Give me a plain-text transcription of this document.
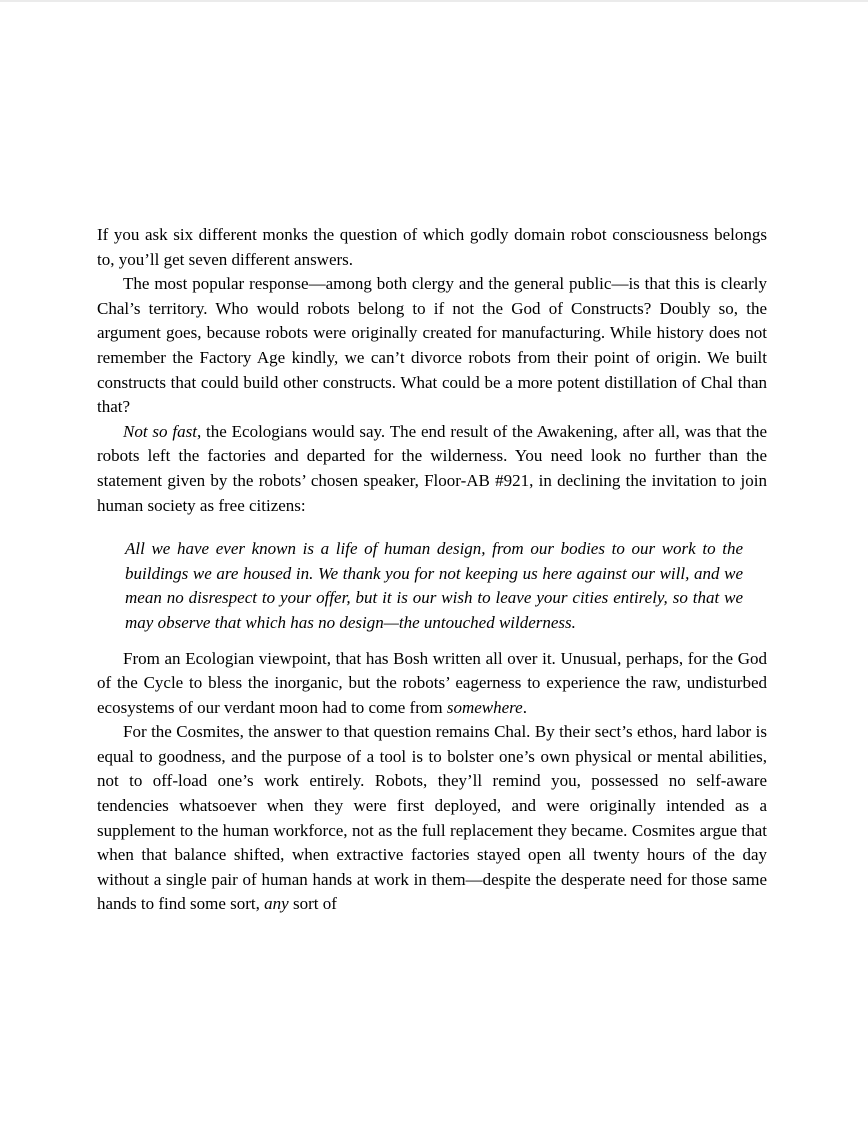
If you ask six different monks the question of which godly domain robot consciousness belongs to, you’ll get seven different answers.

The most popular response—among both clergy and the general public—is that this is clearly Chal’s territory. Who would robots belong to if not the God of Constructs? Doubly so, the argument goes, because robots were originally created for manufacturing. While history does not remember the Factory Age kindly, we can’t divorce robots from their point of origin. We built constructs that could build other constructs. What could be a more potent distillation of Chal than that?

Not so fast, the Ecologians would say. The end result of the Awakening, after all, was that the robots left the factories and departed for the wilderness. You need look no further than the statement given by the robots’ chosen speaker, Floor-AB #921, in declining the invitation to join human society as free citizens:

All we have ever known is a life of human design, from our bodies to our work to the buildings we are housed in. We thank you for not keeping us here against our will, and we mean no disrespect to your offer, but it is our wish to leave your cities entirely, so that we may observe that which has no design—the untouched wilderness.

From an Ecologian viewpoint, that has Bosh written all over it. Unusual, perhaps, for the God of the Cycle to bless the inorganic, but the robots’ eagerness to experience the raw, undisturbed ecosystems of our verdant moon had to come from somewhere.

For the Cosmites, the answer to that question remains Chal. By their sect’s ethos, hard labor is equal to goodness, and the purpose of a tool is to bolster one’s own physical or mental abilities, not to off-load one’s work entirely. Robots, they’ll remind you, possessed no self-aware tendencies whatsoever when they were first deployed, and were originally intended as a supplement to the human workforce, not as the full replacement they became. Cosmites argue that when that balance shifted, when extractive factories stayed open all twenty hours of the day without a single pair of human hands at work in them—despite the desperate need for those same hands to find some sort, any sort of
